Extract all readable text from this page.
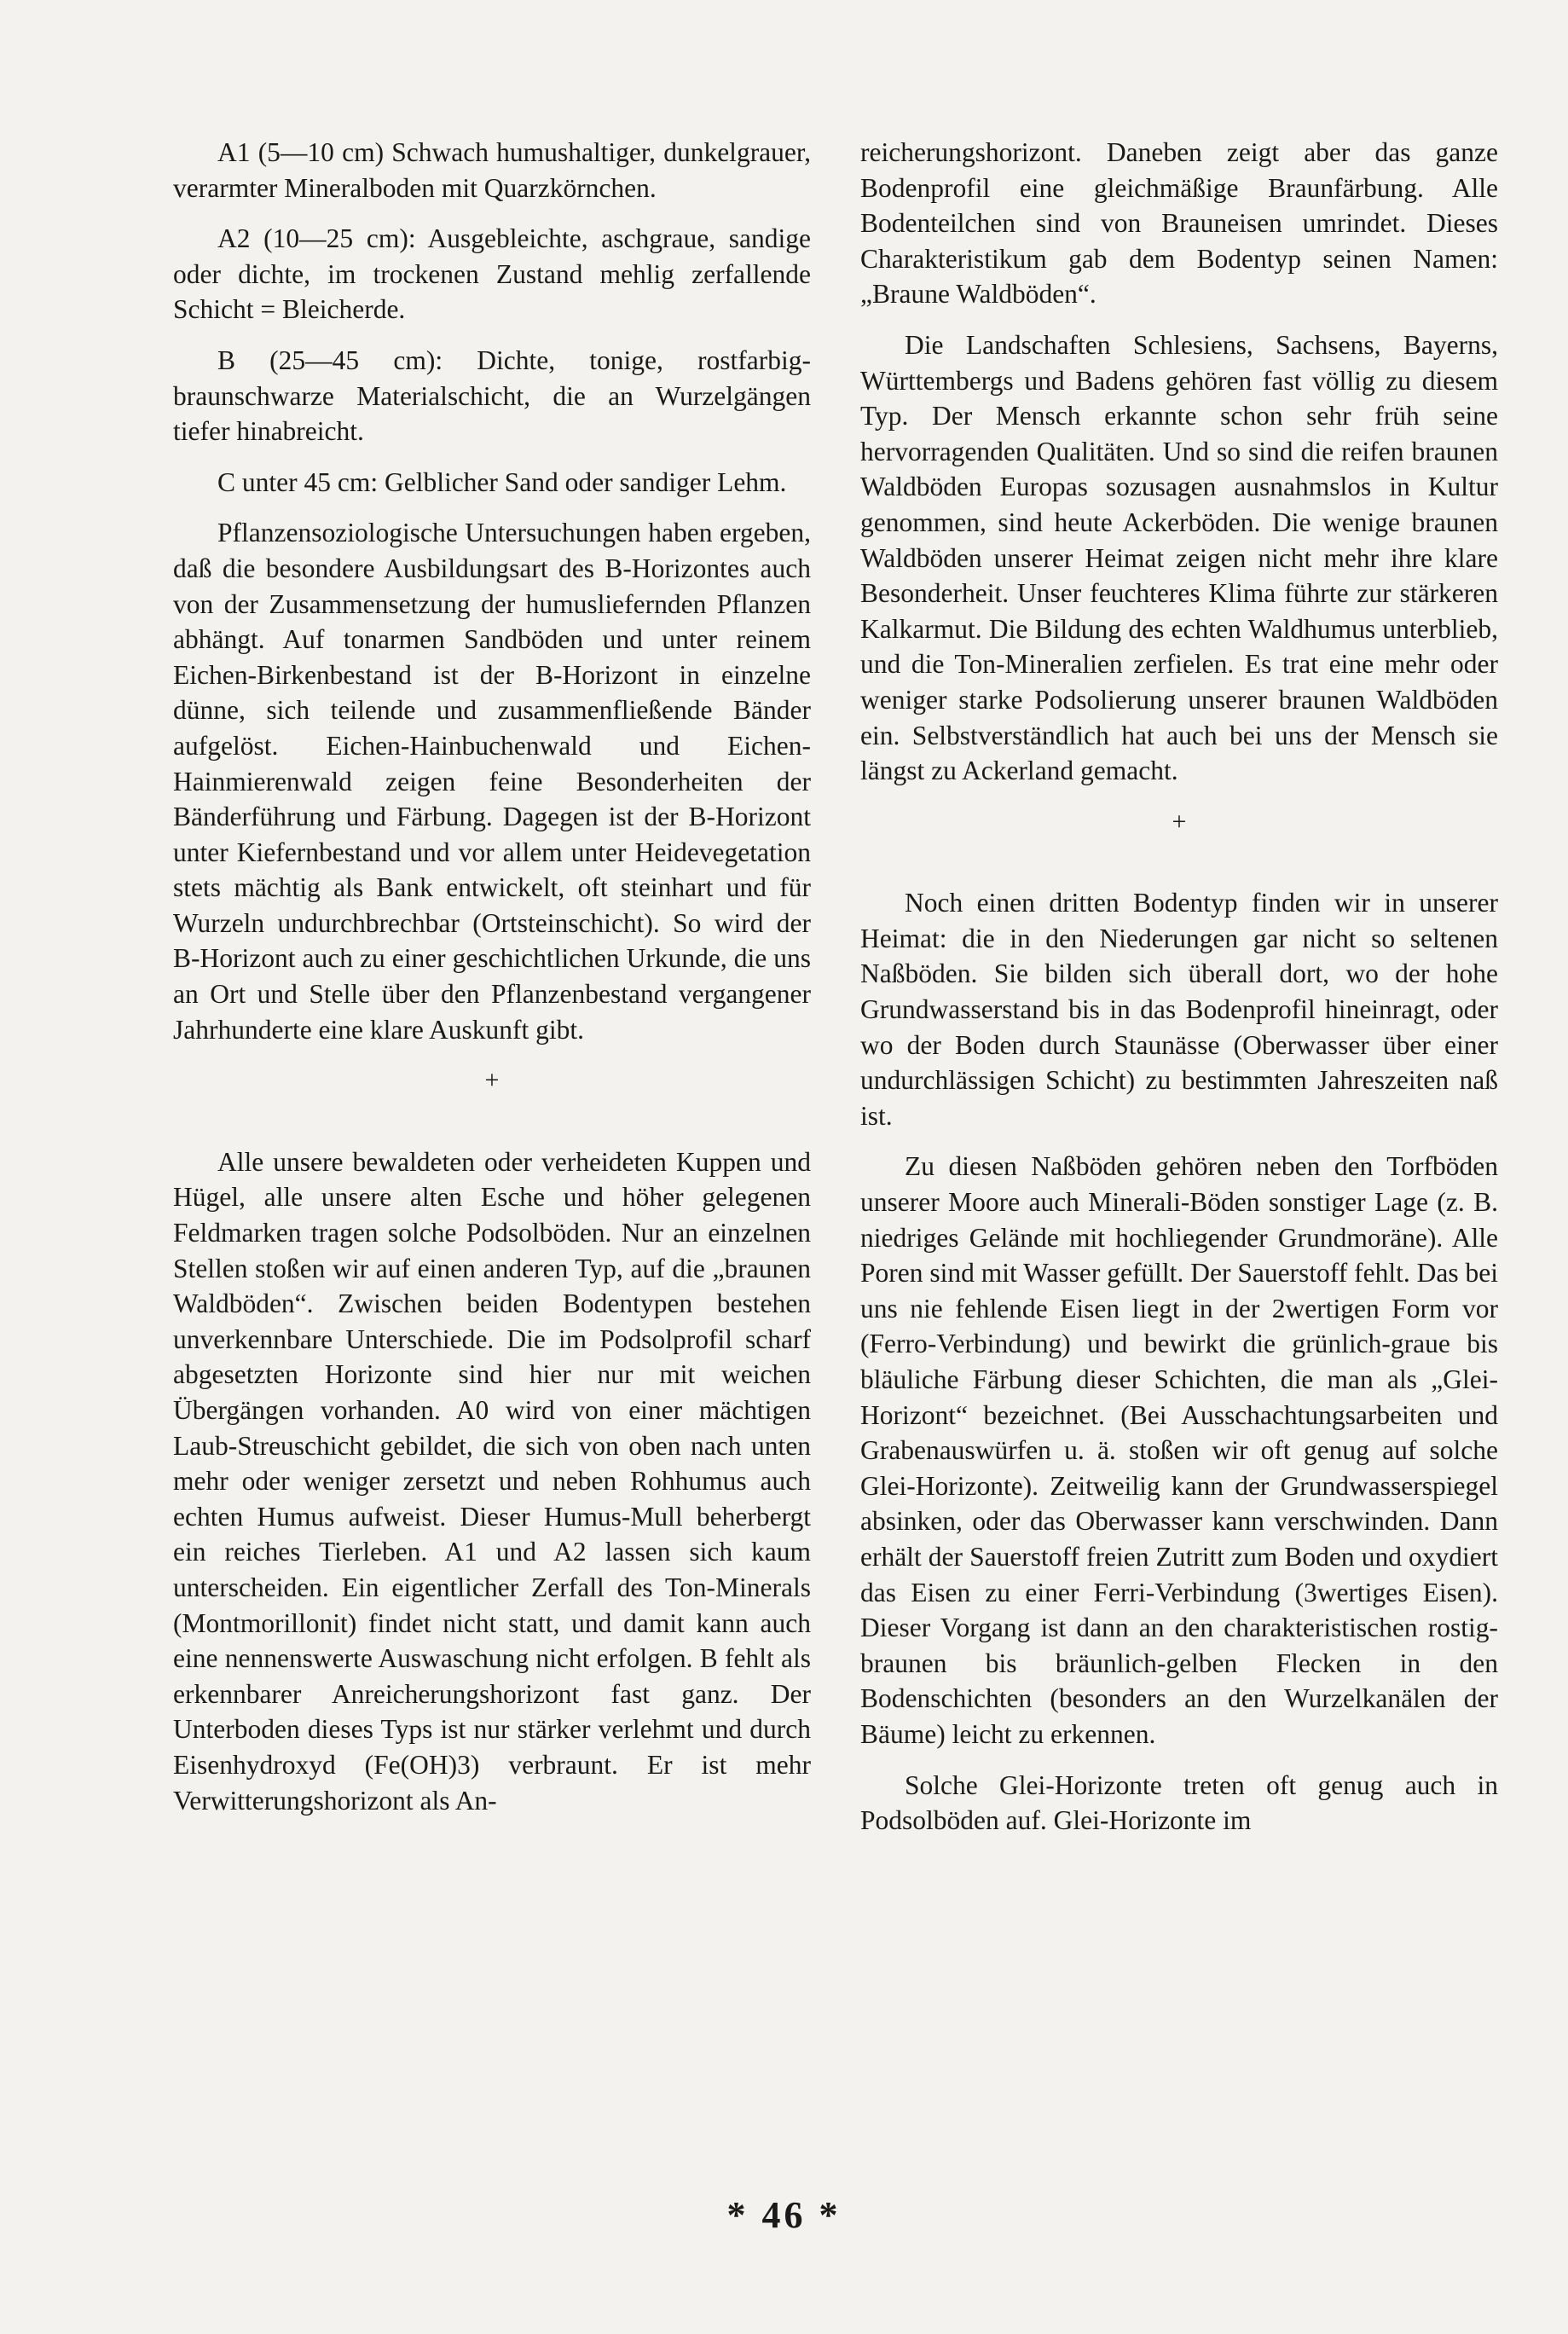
A1 (5—10 cm) Schwach humushaltiger, dunkelgrauer, verarmter Mineralboden mit Quarzkörnchen.

A2 (10—25 cm): Ausgebleichte, aschgraue, sandige oder dichte, im trockenen Zustand mehlig zerfallende Schicht = Bleicherde.

B (25—45 cm): Dichte, tonige, rostfarbig-braunschwarze Materialschicht, die an Wurzelgängen tiefer hinabreicht.

C unter 45 cm: Gelblicher Sand oder sandiger Lehm.

Pflanzensoziologische Untersuchungen haben ergeben, daß die besondere Ausbildungsart des B-Horizontes auch von der Zusammensetzung der humusliefernden Pflanzen abhängt. Auf tonarmen Sandböden und unter reinem Eichen-Birkenbestand ist der B-Horizont in einzelne dünne, sich teilende und zusammenfließende Bänder aufgelöst. Eichen-Hainbuchenwald und Eichen-Hainmierenwald zeigen feine Besonderheiten der Bänderführung und Färbung. Dagegen ist der B-Horizont unter Kiefernbestand und vor allem unter Heidevegetation stets mächtig als Bank entwickelt, oft steinhart und für Wurzeln undurchbrechbar (Ortsteinschicht). So wird der B-Horizont auch zu einer geschichtlichen Urkunde, die uns an Ort und Stelle über den Pflanzenbestand vergangener Jahrhunderte eine klare Auskunft gibt.

+

Alle unsere bewaldeten oder verheideten Kuppen und Hügel, alle unsere alten Esche und höher gelegenen Feldmarken tragen solche Podsolböden. Nur an einzelnen Stellen stoßen wir auf einen anderen Typ, auf die „braunen Waldböden“. Zwischen beiden Bodentypen bestehen unverkennbare Unterschiede. Die im Podsolprofil scharf abgesetzten Horizonte sind hier nur mit weichen Übergängen vorhanden. A0 wird von einer mächtigen Laub-Streuschicht gebildet, die sich von oben nach unten mehr oder weniger zersetzt und neben Rohhumus auch echten Humus aufweist. Dieser Humus-Mull beherbergt ein reiches Tierleben. A1 und A2 lassen sich kaum unterscheiden. Ein eigentlicher Zerfall des Ton-Minerals (Montmorillonit) findet nicht statt, und damit kann auch eine nennenswerte Auswaschung nicht erfolgen. B fehlt als erkennbarer Anreicherungshorizont fast ganz. Der Unterboden dieses Typs ist nur stärker verlehmt und durch Eisenhydroxyd (Fe(OH)3) verbraunt. Er ist mehr Verwitterungshorizont als An-

reicherungshorizont. Daneben zeigt aber das ganze Bodenprofil eine gleichmäßige Braunfärbung. Alle Bodenteilchen sind von Brauneisen umrindet. Dieses Charakteristikum gab dem Bodentyp seinen Namen: „Braune Waldböden“.

Die Landschaften Schlesiens, Sachsens, Bayerns, Württembergs und Badens gehören fast völlig zu diesem Typ. Der Mensch erkannte schon sehr früh seine hervorragenden Qualitäten. Und so sind die reifen braunen Waldböden Europas sozusagen ausnahmslos in Kultur genommen, sind heute Ackerböden. Die wenige braunen Waldböden unserer Heimat zeigen nicht mehr ihre klare Besonderheit. Unser feuchteres Klima führte zur stärkeren Kalkarmut. Die Bildung des echten Waldhumus unterblieb, und die Ton-Mineralien zerfielen. Es trat eine mehr oder weniger starke Podsolierung unserer braunen Waldböden ein. Selbstverständlich hat auch bei uns der Mensch sie längst zu Ackerland gemacht.

+

Noch einen dritten Bodentyp finden wir in unserer Heimat: die in den Niederungen gar nicht so seltenen Naßböden. Sie bilden sich überall dort, wo der hohe Grundwasserstand bis in das Bodenprofil hineinragt, oder wo der Boden durch Staunässe (Oberwasser über einer undurchlässigen Schicht) zu bestimmten Jahreszeiten naß ist.

Zu diesen Naßböden gehören neben den Torfböden unserer Moore auch Minerali-Böden sonstiger Lage (z. B. niedriges Gelände mit hochliegender Grundmoräne). Alle Poren sind mit Wasser gefüllt. Der Sauerstoff fehlt. Das bei uns nie fehlende Eisen liegt in der 2wertigen Form vor (Ferro-Verbindung) und bewirkt die grünlich-graue bis bläuliche Färbung dieser Schichten, die man als „Glei-Horizont“ bezeichnet. (Bei Ausschachtungsarbeiten und Grabenauswürfen u. ä. stoßen wir oft genug auf solche Glei-Horizonte). Zeitweilig kann der Grundwasserspiegel absinken, oder das Oberwasser kann verschwinden. Dann erhält der Sauerstoff freien Zutritt zum Boden und oxydiert das Eisen zu einer Ferri-Verbindung (3wertiges Eisen). Dieser Vorgang ist dann an den charakteristischen rostig-braunen bis bräunlich-gelben Flecken in den Bodenschichten (besonders an den Wurzelkanälen der Bäume) leicht zu erkennen.

Solche Glei-Horizonte treten oft genug auch in Podsolböden auf. Glei-Horizonte im

* 46 *
